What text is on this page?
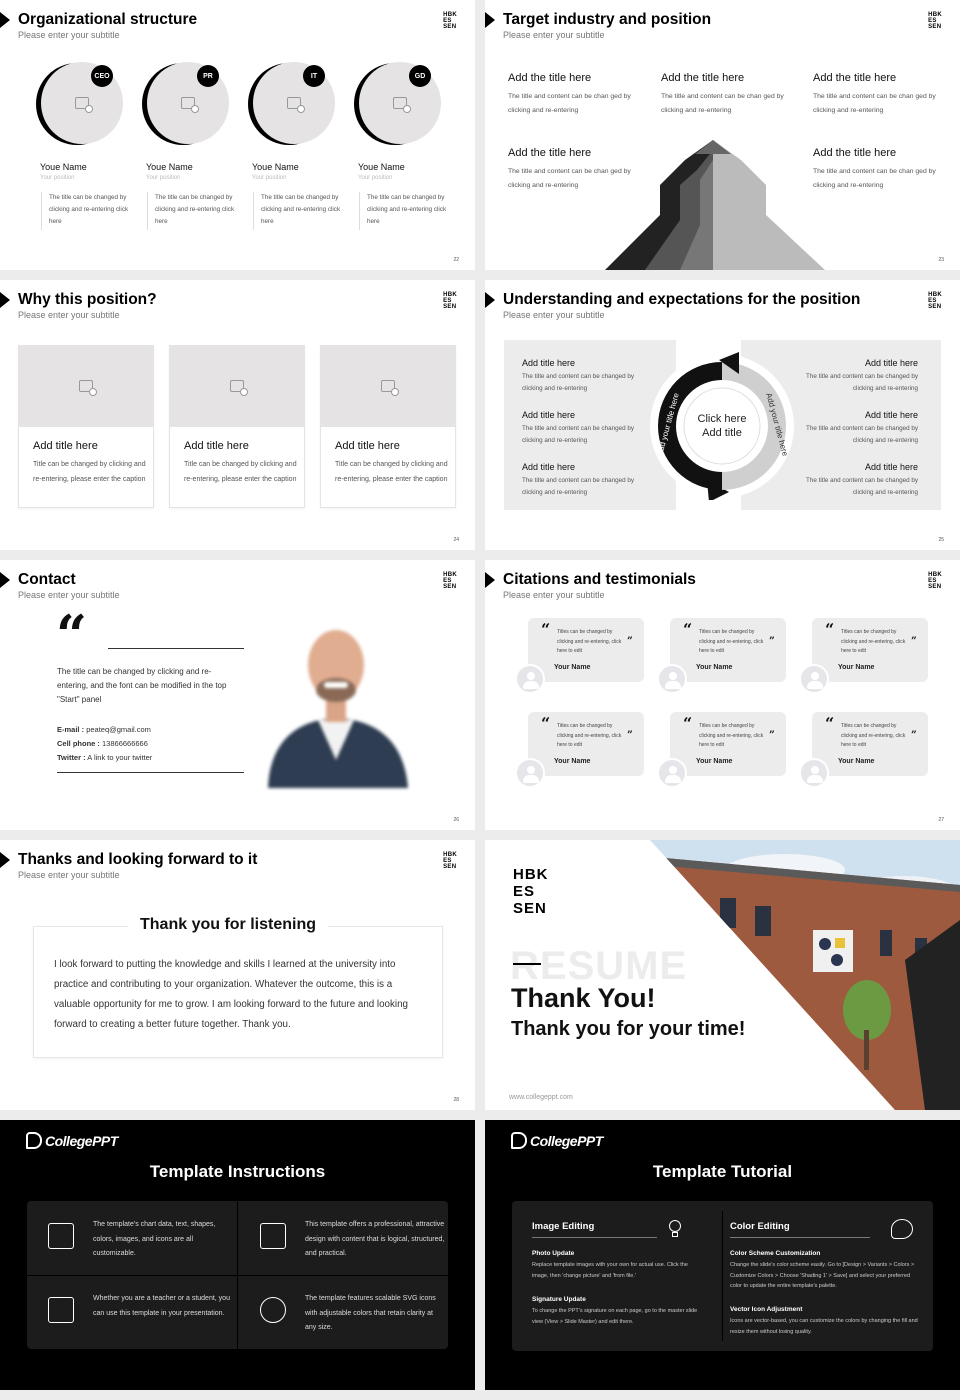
Organizational structure
Please enter your subtitle
HBK
ES
SEN
CEO
Youe Name
Your position
The title can be changed by clicking and re-entering click here
PR
Youe Name
Your position
The title can be changed by clicking and re-entering click here
IT
Youe Name
Your position
The title can be changed by clicking and re-entering click here
GD
Youe Name
Your position
The title can be changed by clicking and re-entering click here
22
Target industry and position
Please enter your subtitle
HBK
ES
SEN
Add the title here
The title and content can be chan ged by clicking and re-entering
Add the title here
The title and content can be chan ged by clicking and re-entering
Add the title here
The title and content can be chan ged by clicking and re-entering
Add the title here
The title and content can be chan ged by clicking and re-entering
Add the title here
The title and content can be chan ged by clicking and re-entering
23
Why this position?
Please enter your subtitle
HBK
ES
SEN
Add title here
Title can be changed by clicking and re-entering, please enter the caption
Add title here
Title can be changed by clicking and re-entering, please enter the caption
Add title here
Title can be changed by clicking and re-entering, please enter the caption
24
Understanding and expectations for the position
Please enter your subtitle
HBK
ES
SEN
Add title here
The title and content can be changed by clicking and re-entering
Add title here
The title and content can be changed by clicking and re-entering
Add title here
The title and content can be changed by clicking and re-entering
Add title here
The title and content can be changed by clicking and re-entering
Add title here
The title and content can be changed by clicking and re-entering
Add title here
The title and content can be changed by clicking and re-entering
Click here
Add title
Add your title here	Add your title here
25
Contact
Please enter your subtitle
HBK
ES
SEN
“
The title can be changed by clicking and re-entering, and the font can be modified in the top "Start" panel
E-mail : peateq@gmail.com
Cell phone : 13866666666
Twitter : A link to your twitter
26
Citations and testimonials
Please enter your subtitle
HBK
ES
SEN
“
”
Titles can be changed by clicking and re-entering, click here to edit
Your Name
“
”
Titles can be changed by clicking and re-entering, click here to edit
Your Name
“
”
Titles can be changed by clicking and re-entering, click here to edit
Your Name
“
”
Titles can be changed by clicking and re-entering, click here to edit
Your Name
“
”
Titles can be changed by clicking and re-entering, click here to edit
Your Name
“
”
Titles can be changed by clicking and re-entering, click here to edit
Your Name
27
Thanks and looking forward to it
Please enter your subtitle
HBK
ES
SEN
Thank you for listening
I look forward to putting the knowledge and skills I learned at the university into practice and contributing to your organization. Whatever the outcome, this is a valuable opportunity for me to grow. I am looking forward to the future and looking forward to creating a better future together. Thank you.
28
HBK
ES
SEN
RESUME
Thank You!
Thank you for your time!
www.collegeppt.com
CollegePPT
Template Instructions
The template's chart data, text, shapes, colors, images, and icons are all customizable.
This template offers a professional, attractive design with content that is logical, structured, and practical.
Whether you are a teacher or a student, you can use this template in your presentation.
The template features scalable SVG icons with adjustable colors that retain clarity at any size.
CollegePPT
Template Tutorial
Image Editing
Photo Update
Replace template images with your own for actual use. Click the image, then 'change picture' and 'from file.'
Signature Update
To change the PPT's signature on each page, go to the master slide view (View > Slide Master) and edit there.
Color Editing
Color Scheme Customization
Change the slide's color scheme easily. Go to [Design > Variants > Colors > Customize Colors > Choose 'Shading 1' > Save] and select your preferred color to update the entire template's palette.
Vector Icon Adjustment
Icons are vector-based, you can customize the colors by changing the fill and resize them without losing quality.
